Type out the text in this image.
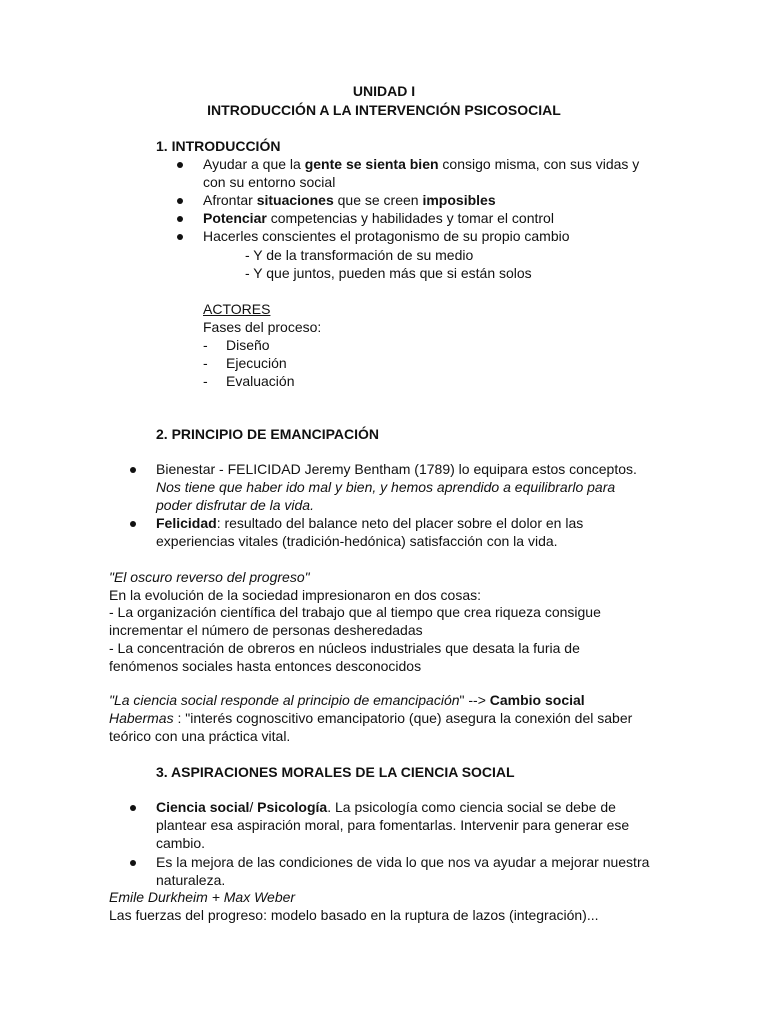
UNIDAD I
INTRODUCCIÓN A LA INTERVENCIÓN PSICOSOCIAL
1. INTRODUCCIÓN
Ayudar a que la gente se sienta bien consigo misma, con sus vidas y
con su entorno social
Afrontar situaciones que se creen imposibles
Potenciar competencias y habilidades y tomar el control
Hacerles conscientes el protagonismo de su propio cambio
- Y de la transformación de su medio
- Y que juntos, pueden más que si están solos
ACTORES
Fases del proceso:
- Diseño
- Ejecución
- Evaluación
2. PRINCIPIO DE EMANCIPACIÓN
Bienestar - FELICIDAD Jeremy Bentham (1789) lo equipara estos conceptos.
Nos tiene que haber ido mal y bien, y hemos aprendido a equilibrarlo para
poder disfrutar de la vida.
Felicidad: resultado del balance neto del placer sobre el dolor en las
experiencias vitales (tradición-hedónica) satisfacción con la vida.
"El oscuro reverso del progreso"
En la evolución de la sociedad impresionaron en dos cosas:
- La organización científica del trabajo que al tiempo que crea riqueza consigue
incrementar el número de personas desheredadas
- La concentración de obreros en núcleos industriales que desata la furia de
fenómenos sociales hasta entonces desconocidos
"La ciencia social responde al principio de emancipación" --> Cambio social
Habermas : "interés cognoscitivo emancipatorio (que) asegura la conexión del saber
teórico con una práctica vital.
3. ASPIRACIONES MORALES DE LA CIENCIA SOCIAL
Ciencia social/ Psicología. La psicología como ciencia social se debe de
plantear esa aspiración moral, para fomentarlas. Intervenir para generar ese
cambio.
Es la mejora de las condiciones de vida lo que nos va ayudar a mejorar nuestra
naturaleza.
Emile Durkheim + Max Weber
Las fuerzas del progreso: modelo basado en la ruptura de lazos (integración)...
